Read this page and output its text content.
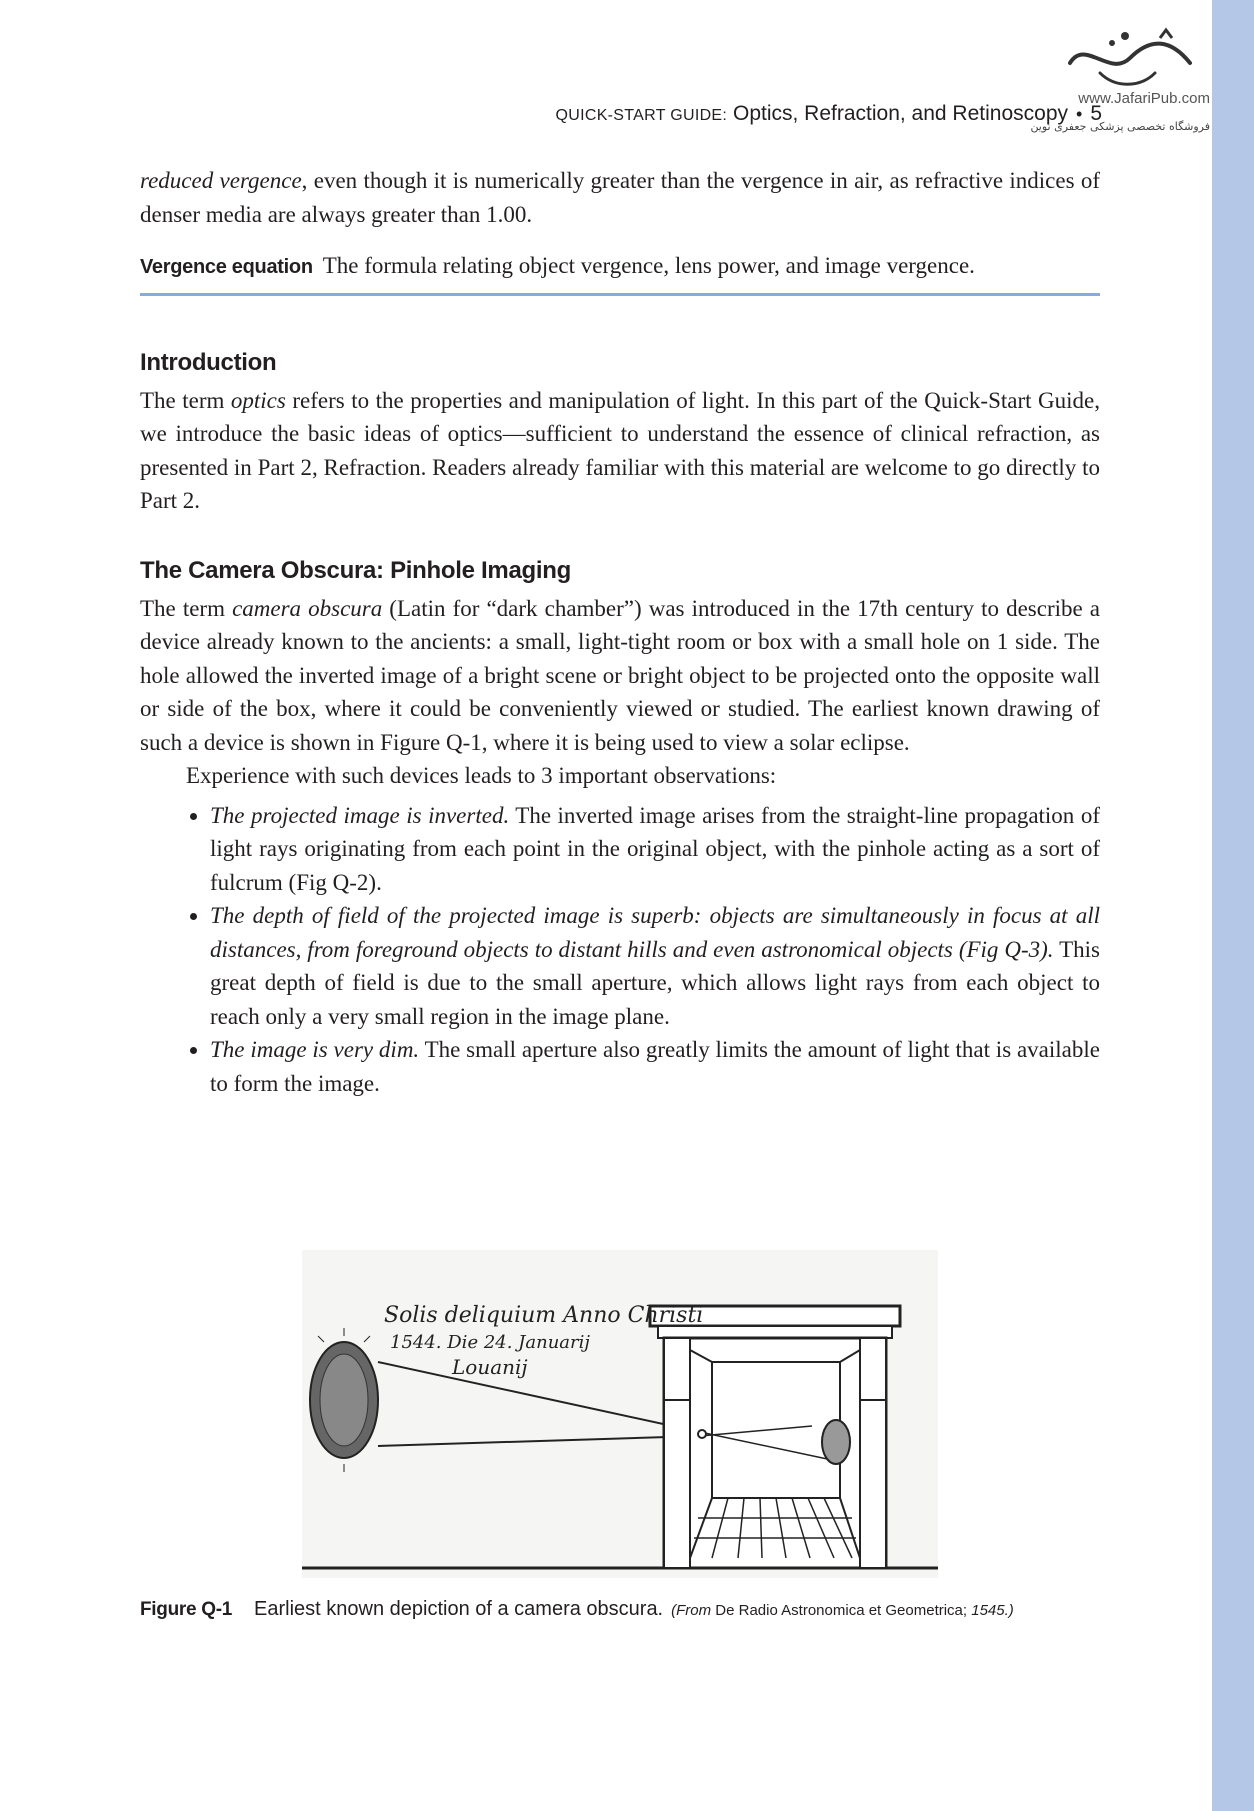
www.JafariPub.com
فروشگاه تخصصی پزشکی جعفری نوین
QUICK-START GUIDE: Optics, Refraction, and Retinoscopy • 5

reduced vergence, even though it is numerically greater than the vergence in air, as refractive indices of denser media are always greater than 1.00.

Vergence equation The formula relating object vergence, lens power, and image vergence.

Introduction

The term optics refers to the properties and manipulation of light. In this part of the Quick-Start Guide, we introduce the basic ideas of optics—sufficient to understand the essence of clinical refraction, as presented in Part 2, Refraction. Readers already familiar with this material are welcome to go directly to Part 2.

The Camera Obscura: Pinhole Imaging

The term camera obscura (Latin for “dark chamber”) was introduced in the 17th century to describe a device already known to the ancients: a small, light-tight room or box with a small hole on 1 side. The hole allowed the inverted image of a bright scene or bright object to be projected onto the opposite wall or side of the box, where it could be conveniently viewed or studied. The earliest known drawing of such a device is shown in Figure Q-1, where it is being used to view a solar eclipse.

Experience with such devices leads to 3 important observations:

• The projected image is inverted. The inverted image arises from the straight-line propagation of light rays originating from each point in the original object, with the pinhole acting as a sort of fulcrum (Fig Q-2).
• The depth of field of the projected image is superb: objects are simultaneously in focus at all distances, from foreground objects to distant hills and even astronomical objects (Fig Q-3). This great depth of field is due to the small aperture, which allows light rays from each object to reach only a very small region in the image plane.
• The image is very dim. The small aperture also greatly limits the amount of light that is available to form the image.
Solis deliquium Anno Christi
1544. Die 24. Januarij
Louanij
Figure Q-1 Earliest known depiction of a camera obscura. (From De Radio Astronomica et Geometrica; 1545.)
